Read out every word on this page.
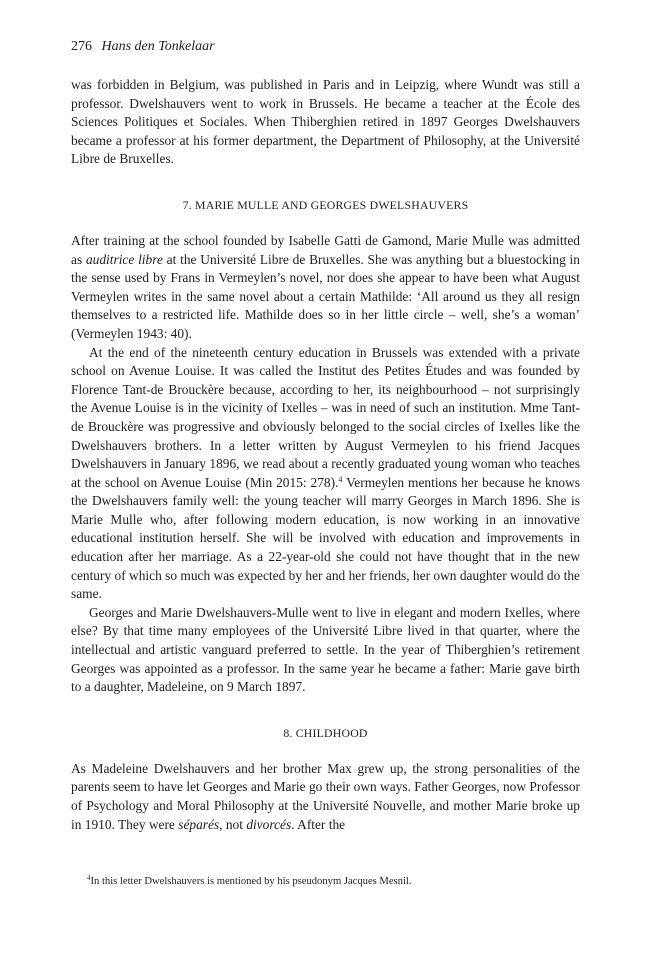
276 Hans den Tonkelaar

was forbidden in Belgium, was published in Paris and in Leipzig, where Wundt was still a professor. Dwelshauvers went to work in Brussels. He became a teacher at the École des Sciences Politiques et Sociales. When Thiberghien retired in 1897 Georges Dwelshauvers became a professor at his former department, the Department of Philosophy, at the Université Libre de Bruxelles.

7. MARIE MULLE AND GEORGES DWELSHAUVERS

After training at the school founded by Isabelle Gatti de Gamond, Marie Mulle was admitted as auditrice libre at the Université Libre de Bruxelles. She was anything but a bluestocking in the sense used by Frans in Vermeylen’s novel, nor does she appear to have been what August Vermeylen writes in the same novel about a certain Mathilde: ‘All around us they all resign themselves to a restricted life. Mathilde does so in her little circle – well, she’s a woman’ (Vermeylen 1943: 40).

At the end of the nineteenth century education in Brussels was extended with a private school on Avenue Louise. It was called the Institut des Petites Études and was founded by Florence Tant-de Brouckère because, according to her, its neighbourhood – not surprisingly the Avenue Louise is in the vicinity of Ixelles – was in need of such an institution. Mme Tant-de Brouckère was progressive and obviously belonged to the social circles of Ixelles like the Dwelshauvers brothers. In a letter written by August Vermeylen to his friend Jacques Dwelshauvers in January 1896, we read about a recently graduated young woman who teaches at the school on Avenue Louise (Min 2015: 278).$^4$ Vermeylen mentions her because he knows the Dwelshauvers family well: the young teacher will marry Georges in March 1896. She is Marie Mulle who, after following modern education, is now working in an innovative educational institution herself. She will be involved with education and improvements in education after her marriage. As a 22-year-old she could not have thought that in the new century of which so much was expected by her and her friends, her own daughter would do the same.

Georges and Marie Dwelshauvers-Mulle went to live in elegant and modern Ixelles, where else? By that time many employees of the Université Libre lived in that quarter, where the intellectual and artistic vanguard preferred to settle. In the year of Thiberghien’s retirement Georges was appointed as a professor. In the same year he became a father: Marie gave birth to a daughter, Madeleine, on 9 March 1897.

8. CHILDHOOD

As Madeleine Dwelshauvers and her brother Max grew up, the strong personalities of the parents seem to have let Georges and Marie go their own ways. Father Georges, now Professor of Psychology and Moral Philosophy at the Université Nouvelle, and mother Marie broke up in 1910. They were séparés, not divorcés. After the

$^4$In this letter Dwelshauvers is mentioned by his pseudonym Jacques Mesnil.
